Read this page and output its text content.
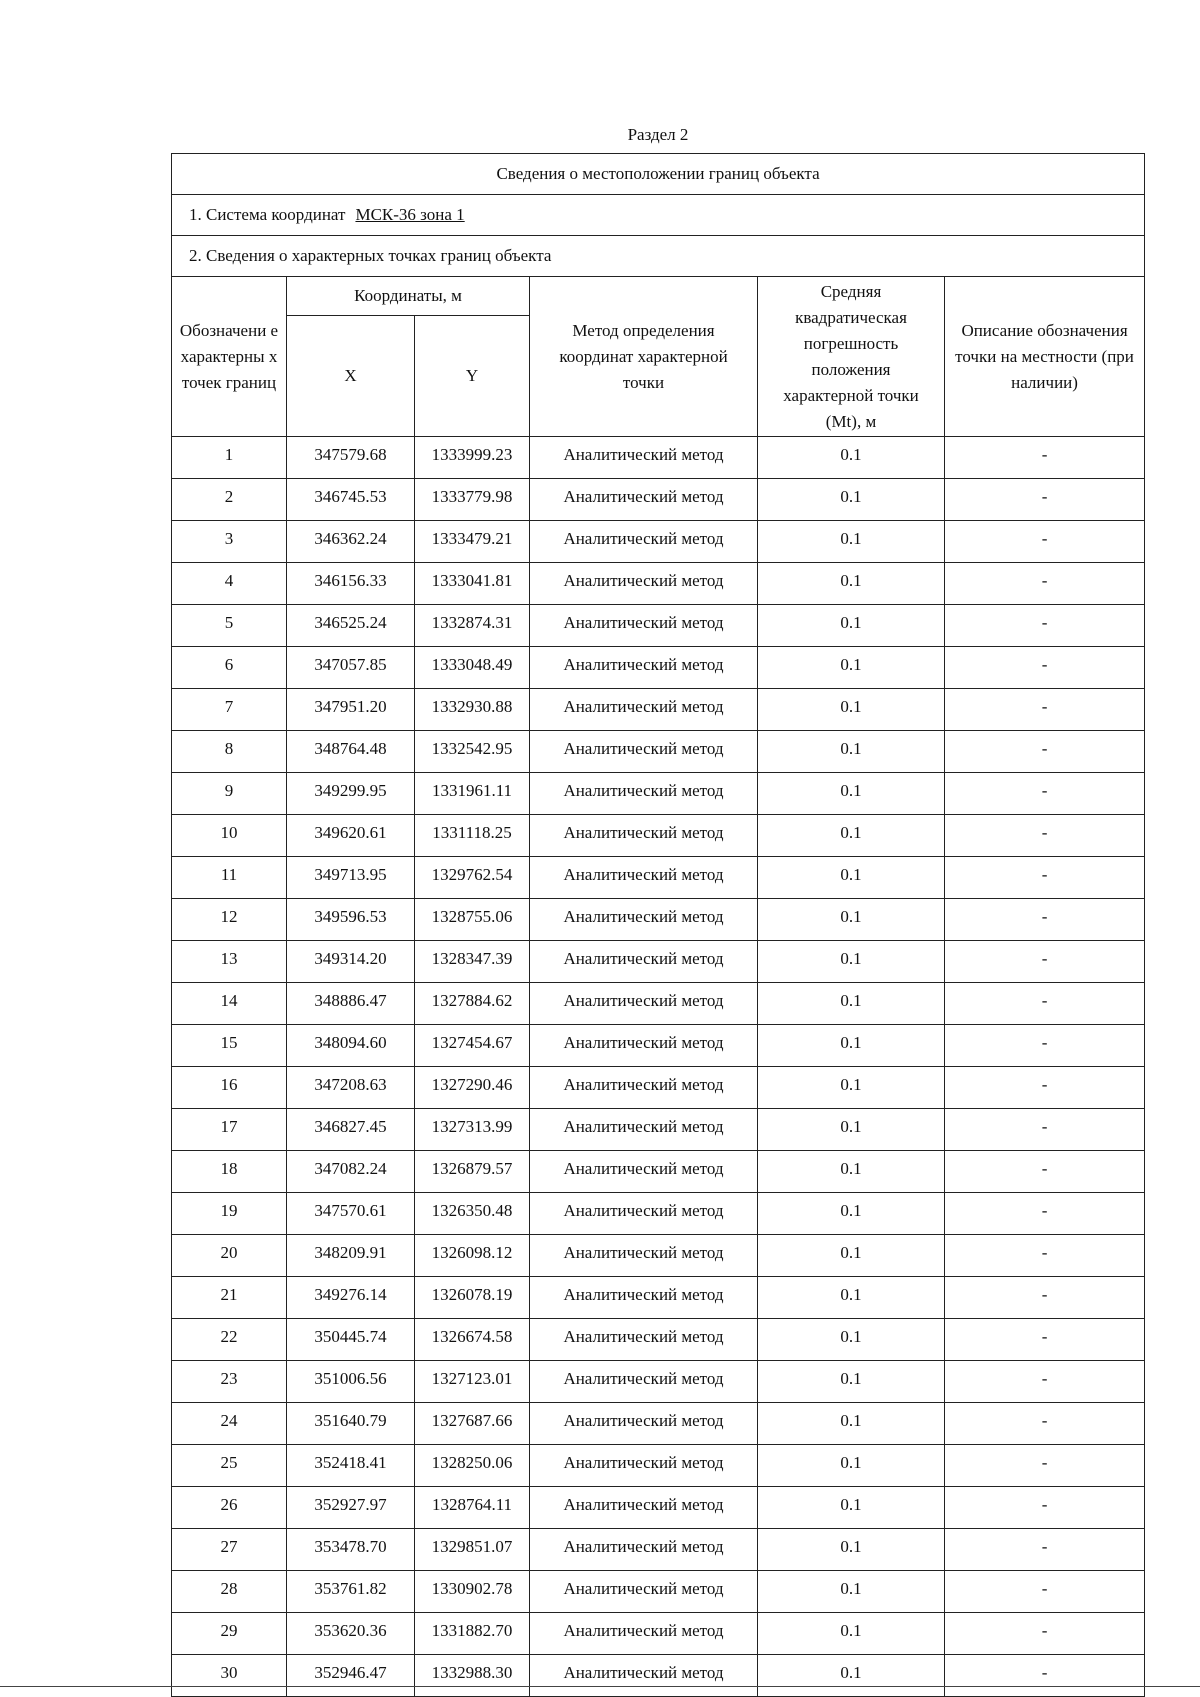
Раздел 2
Сведения о местоположении границ объекта					
1. Система координат МСК-36 зона 1					
2. Сведения о характерных точках границ объекта					
Обозначени е характерны х точек границ	Координаты, м		Метод определения координат характерной точки	Средняя квадратическая погрешность положения характерной точки (Mt), м	Описание обозначения точки на местности (при наличии)
	X	Y			
1	347579.68	1333999.23	Аналитический метод	0.1	-
2	346745.53	1333779.98	Аналитический метод	0.1	-
3	346362.24	1333479.21	Аналитический метод	0.1	-
4	346156.33	1333041.81	Аналитический метод	0.1	-
5	346525.24	1332874.31	Аналитический метод	0.1	-
6	347057.85	1333048.49	Аналитический метод	0.1	-
7	347951.20	1332930.88	Аналитический метод	0.1	-
8	348764.48	1332542.95	Аналитический метод	0.1	-
9	349299.95	1331961.11	Аналитический метод	0.1	-
10	349620.61	1331118.25	Аналитический метод	0.1	-
11	349713.95	1329762.54	Аналитический метод	0.1	-
12	349596.53	1328755.06	Аналитический метод	0.1	-
13	349314.20	1328347.39	Аналитический метод	0.1	-
14	348886.47	1327884.62	Аналитический метод	0.1	-
15	348094.60	1327454.67	Аналитический метод	0.1	-
16	347208.63	1327290.46	Аналитический метод	0.1	-
17	346827.45	1327313.99	Аналитический метод	0.1	-
18	347082.24	1326879.57	Аналитический метод	0.1	-
19	347570.61	1326350.48	Аналитический метод	0.1	-
20	348209.91	1326098.12	Аналитический метод	0.1	-
21	349276.14	1326078.19	Аналитический метод	0.1	-
22	350445.74	1326674.58	Аналитический метод	0.1	-
23	351006.56	1327123.01	Аналитический метод	0.1	-
24	351640.79	1327687.66	Аналитический метод	0.1	-
25	352418.41	1328250.06	Аналитический метод	0.1	-
26	352927.97	1328764.11	Аналитический метод	0.1	-
27	353478.70	1329851.07	Аналитический метод	0.1	-
28	353761.82	1330902.78	Аналитический метод	0.1	-
29	353620.36	1331882.70	Аналитический метод	0.1	-
30	352946.47	1332988.30	Аналитический метод	0.1	-
